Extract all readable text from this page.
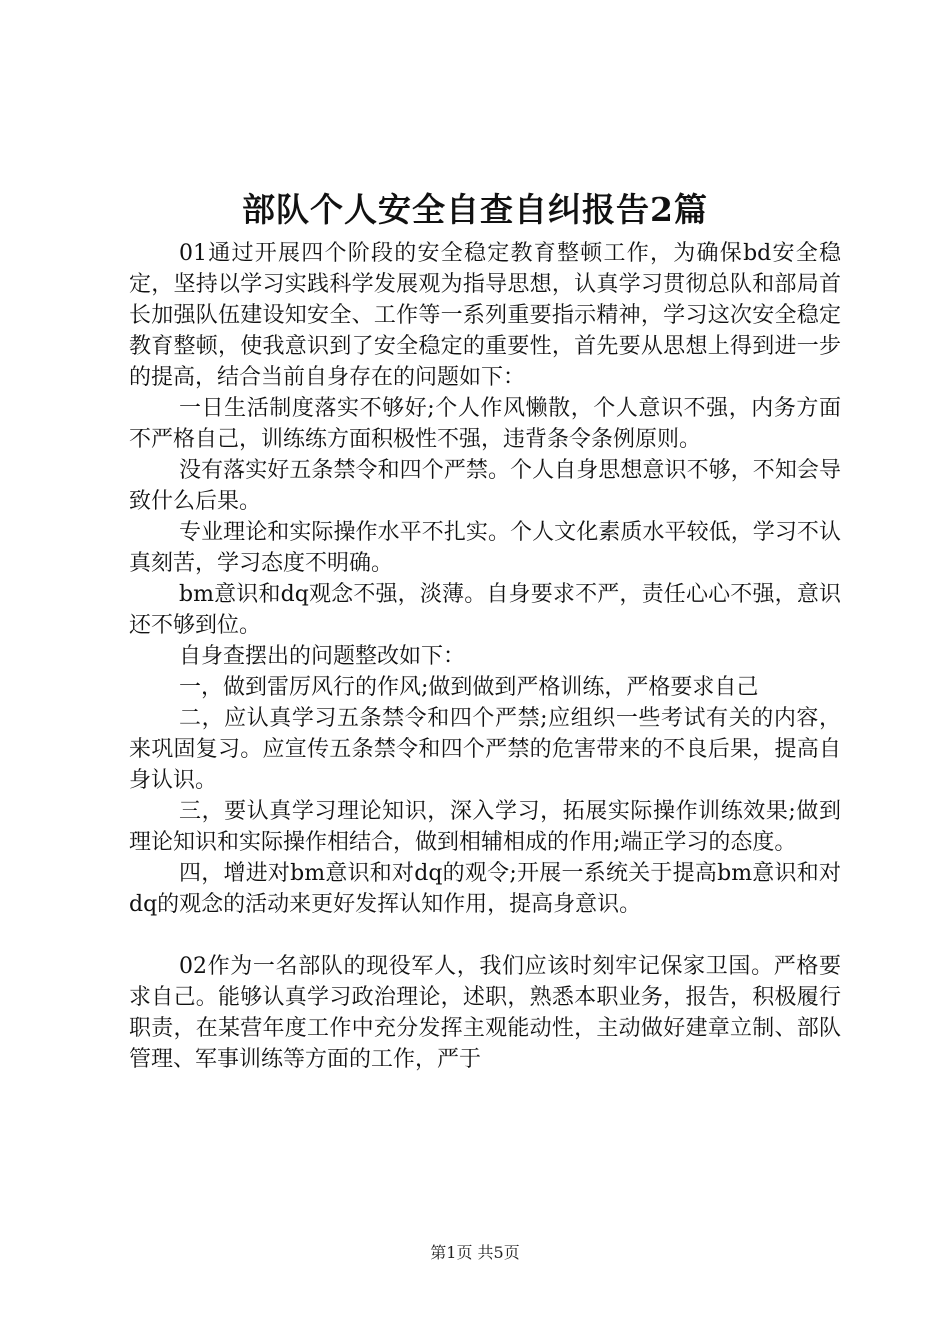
部队个人安全自查自纠报告2篇

01通过开展四个阶段的安全稳定教育整顿工作，为确保bd安全稳定，坚持以学习实践科学发展观为指导思想，认真学习贯彻总队和部局首长加强队伍建设知安全、工作等一系列重要指示精神，学习这次安全稳定教育整顿，使我意识到了安全稳定的重要性，首先要从思想上得到进一步的提高，结合当前自身存在的问题如下：

一日生活制度落实不够好;个人作风懒散，个人意识不强，内务方面不严格自己，训练练方面积极性不强，违背条令条例原则。

没有落实好五条禁令和四个严禁。个人自身思想意识不够，不知会导致什么后果。

专业理论和实际操作水平不扎实。个人文化素质水平较低，学习不认真刻苦，学习态度不明确。

bm意识和dq观念不强，淡薄。自身要求不严，责任心心不强，意识还不够到位。

自身查摆出的问题整改如下：

一，做到雷厉风行的作风;做到做到严格训练，严格要求自己

二，应认真学习五条禁令和四个严禁;应组织一些考试有关的内容，来巩固复习。应宣传五条禁令和四个严禁的危害带来的不良后果，提高自身认识。

三，要认真学习理论知识，深入学习，拓展实际操作训练效果;做到理论知识和实际操作相结合，做到相辅相成的作用;端正学习的态度。

四，增进对bm意识和对dq的观令;开展一系统关于提高bm意识和对dq的观念的活动来更好发挥认知作用，提高身意识。

02作为一名部队的现役军人，我们应该时刻牢记保家卫国。严格要求自己。能够认真学习政治理论，述职，熟悉本职业务，报告，积极履行职责，在某营年度工作中充分发挥主观能动性，主动做好建章立制、部队管理、军事训练等方面的工作，严于

第1页 共5页
